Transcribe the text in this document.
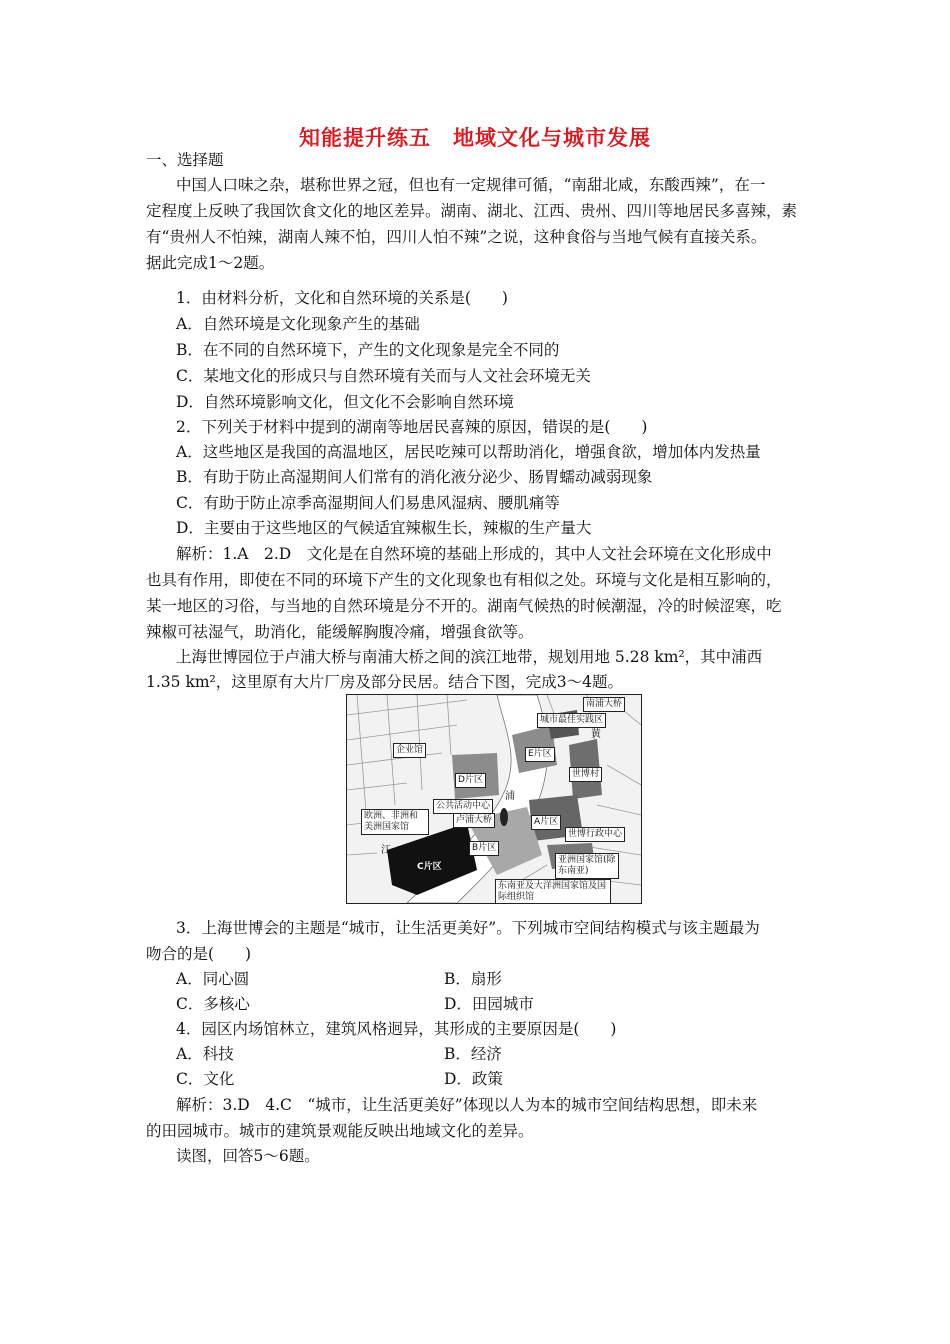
知能提升练五　地域文化与城市发展
一、选择题
中国人口味之杂，堪称世界之冠，但也有一定规律可循，“南甜北咸，东酸西辣”，在一
定程度上反映了我国饮食文化的地区差异。湖南、湖北、江西、贵州、四川等地居民多喜辣，素
有“贵州人不怕辣，湖南人辣不怕，四川人怕不辣”之说，这种食俗与当地气候有直接关系。
据此完成1～2题。
1．由材料分析，文化和自然环境的关系是(　　)
A．自然环境是文化现象产生的基础
B．在不同的自然环境下，产生的文化现象是完全不同的
C．某地文化的形成只与自然环境有关而与人文社会环境无关
D．自然环境影响文化，但文化不会影响自然环境
2．下列关于材料中提到的湖南等地居民喜辣的原因，错误的是(　　)
A．这些地区是我国的高温地区，居民吃辣可以帮助消化，增强食欲，增加体内发热量
B．有助于防止高湿期间人们常有的消化液分泌少、肠胃蠕动减弱现象
C．有助于防止凉季高湿期间人们易患风湿病、腰肌痛等
D．主要由于这些地区的气候适宜辣椒生长，辣椒的生产量大
解析：1.A　2.D　文化是在自然环境的基础上形成的，其中人文社会环境在文化形成中
也具有作用，即使在不同的环境下产生的文化现象也有相似之处。环境与文化是相互影响的，
某一地区的习俗，与当地的自然环境是分不开的。湖南气候热的时候潮湿，冷的时候涩寒，吃
辣椒可祛湿气，助消化，能缓解胸腹冷痛，增强食欲等。
上海世博园位于卢浦大桥与南浦大桥之间的滨江地带，规划用地 5.28 km²，其中浦西
1.35 km²，这里原有大片厂房及部分民居。结合下图，完成3～4题。
南浦大桥
城市最佳实践区
黄
企业馆	E片区
D片区
世博村
公共活动中心
浦
卢浦大桥
欧洲、非洲和美洲国家馆	A片区
世博行政中心
江	B片区
C片区
亚洲国家馆(除东南亚)
东南亚及大洋洲国家馆及国际组织馆
3．上海世博会的主题是“城市，让生活更美好”。下列城市空间结构模式与该主题最为
吻合的是(　　)
A．同心圆	B．扇形
C．多核心	D．田园城市
4．园区内场馆林立，建筑风格迥异，其形成的主要原因是(　　)
A．科技	B．经济
C．文化	D．政策
解析：3.D　4.C　“城市，让生活更美好”体现以人为本的城市空间结构思想，即未来
的田园城市。城市的建筑景观能反映出地域文化的差异。
读图，回答5～6题。
